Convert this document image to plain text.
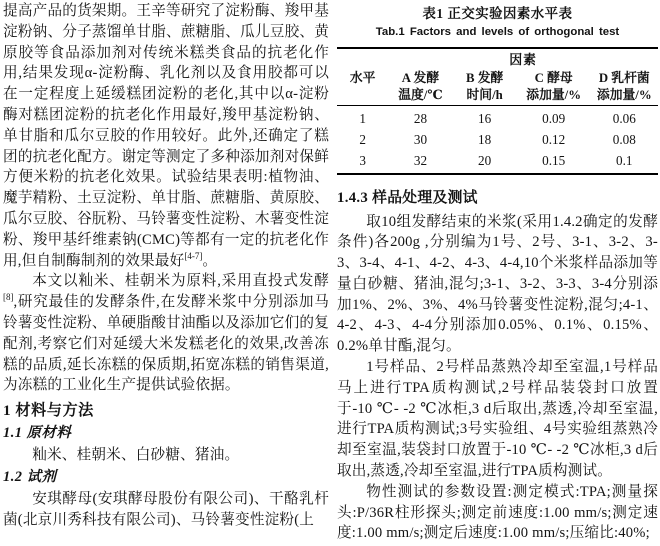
提高产品的货架期。王辛等研究了淀粉酶、羧甲基淀粉钠、分子蒸馏单甘脂、蔗糖脂、瓜儿豆胶、黄原胶等食品添加剂对传统米糕类食品的抗老化作用,结果发现α-淀粉酶、乳化剂以及食用胶都可以在一定程度上延缓糕团淀粉的老化,其中以α-淀粉酶对糕团淀粉的抗老化作用最好,羧甲基淀粉钠、单甘脂和瓜尔豆胶的作用较好。此外,还确定了糕团的抗老化配方。谢定等测定了多种添加剂对保鲜方便米粉的抗老化效果。试验结果表明:植物油、魔芋精粉、土豆淀粉、单甘脂、蔗糖脂、黄原胶、瓜尔豆胶、谷朊粉、马铃薯变性淀粉、木薯变性淀粉、羧甲基纤维素钠(CMC)等都有一定的抗老化作用,但自制酶制剂的效果最好[4-7]。

本文以籼米、桂朝米为原料,采用直投式发酵[8],研究最佳的发酵条件,在发酵米浆中分别添加马铃薯变性淀粉、单硬脂酸甘油酯以及添加它们的复配剂,考察它们对延缓大米发糕老化的效果,改善冻糕的品质,延长冻糕的保质期,拓宽冻糕的销售渠道,为冻糕的工业化生产提供试验依据。

1 材料与方法
1.1 原材料

籼米、桂朝米、白砂糖、猪油。

1.2 试剂

安琪酵母(安琪酵母股份有限公司)、干酪乳杆菌(北京川秀科技有限公司)、马铃薯变性淀粉(上

表1 正交实验因素水平表

Tab.1 Factors and levels of orthogonal test

	因素			
水平	A 发酵	B 发酵	C 酵母	D 乳杆菌
	温度/℃	时间/h	添加量/%	添加量/%
1	28	16	0.09	0.06
2	30	18	0.12	0.08
3	32	20	0.15	0.1
1.4.3 样品处理及测试

取10组发酵结束的米浆(采用1.4.2确定的发酵条件)各200g ,分别编为1号、2号、3-1、3-2、3-3、3-4、4-1、4-2、4-3、4-4,10个米浆样品添加等量白砂糖、猪油,混匀;3-1、3-2、3-3、3-4分别添加1%、2%、3%、4%马铃薯变性淀粉,混匀;4-1、4-2、4-3、4-4分别添加0.05%、0.1%、0.15%、0.2%单甘酯,混匀。

1号样品、2号样品蒸熟冷却至室温,1号样品马上进行TPA质构测试,2号样品装袋封口放置于-10 ℃- -2 ℃冰柜,3 d后取出,蒸透,冷却至室温,进行TPA质构测试;3号实验组、4号实验组蒸熟冷却至室温,装袋封口放置于-10 ℃- -2 ℃冰柜,3 d后取出,蒸透,冷却至室温,进行TPA质构测试。

物性测试的参数设置:测定模式:TPA;测量探头:P/36R柱形探头;测定前速度:1.00 mm/s;测定速度:1.00 mm/s;测定后速度:1.00 mm/s;压缩比:40%;
